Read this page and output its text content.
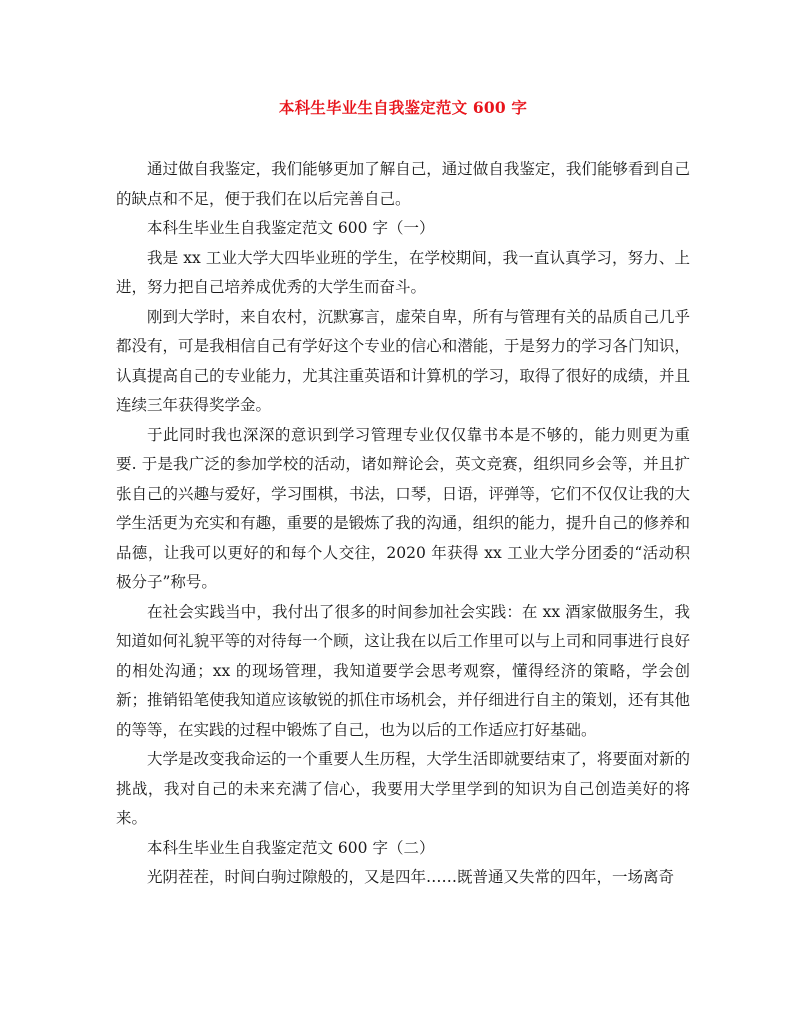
本科生毕业生自我鉴定范文 600 字

通过做自我鉴定，我们能够更加了解自己，通过做自我鉴定，我们能够看到自己的缺点和不足，便于我们在以后完善自己。

本科生毕业生自我鉴定范文 600 字（一）

我是 xx 工业大学大四毕业班的学生，在学校期间，我一直认真学习，努力、上进，努力把自己培养成优秀的大学生而奋斗。

刚到大学时，来自农村，沉默寡言，虚荣自卑，所有与管理有关的品质自己几乎都没有，可是我相信自己有学好这个专业的信心和潜能，于是努力的学习各门知识，认真提高自己的专业能力，尤其注重英语和计算机的学习，取得了很好的成绩，并且连续三年获得奖学金。

于此同时我也深深的意识到学习管理专业仅仅靠书本是不够的，能力则更为重要. 于是我广泛的参加学校的活动，诸如辩论会，英文竞赛，组织同乡会等，并且扩张自己的兴趣与爱好，学习围棋，书法，口琴，日语，评弹等，它们不仅仅让我的大学生活更为充实和有趣，重要的是锻炼了我的沟通，组织的能力，提升自己的修养和品德，让我可以更好的和每个人交往，2020 年获得 xx 工业大学分团委的“活动积极分子”称号。

在社会实践当中，我付出了很多的时间参加社会实践：在 xx 酒家做服务生，我知道如何礼貌平等的对待每一个顾，这让我在以后工作里可以与上司和同事进行良好的相处沟通；xx 的现场管理，我知道要学会思考观察，懂得经济的策略，学会创新；推销铅笔使我知道应该敏锐的抓住市场机会，并仔细进行自主的策划，还有其他的等等，在实践的过程中锻炼了自己，也为以后的工作适应打好基础。

大学是改变我命运的一个重要人生历程，大学生活即就要结束了，将要面对新的挑战，我对自己的未来充满了信心，我要用大学里学到的知识为自己创造美好的将来。

本科生毕业生自我鉴定范文 600 字（二）

光阴茬茬，时间白驹过隙般的，又是四年……既普通又失常的四年，一场离奇
